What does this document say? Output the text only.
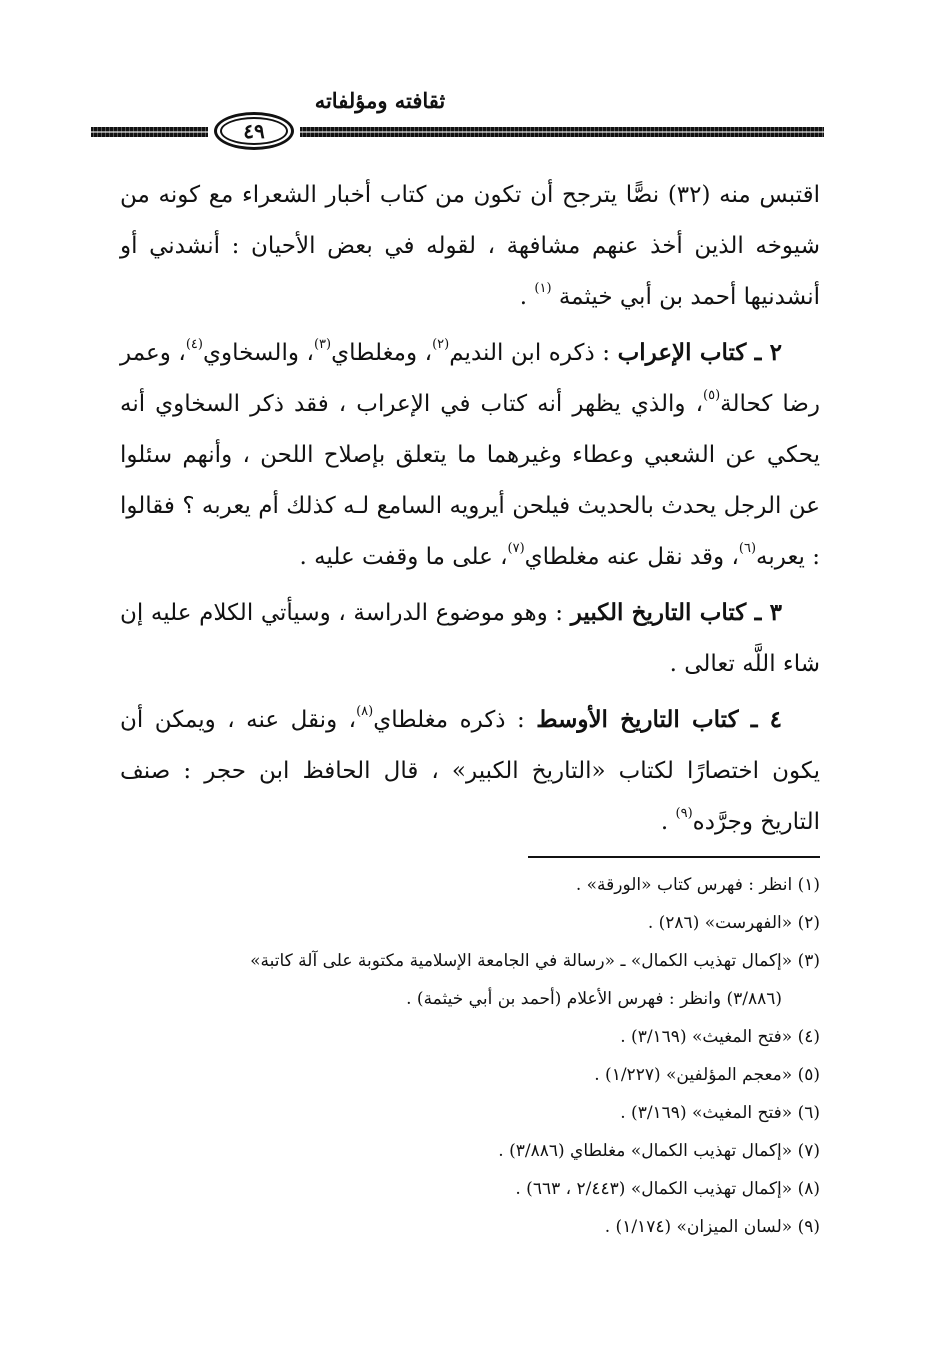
ثقافته ومؤلفاته
٤٩

اقتبس منه (٣٢) نصًّا يترجح أن تكون من كتاب أخبار الشعراء مع كونه من شيوخه الذين أخذ عنهم مشافهة ، لقوله في بعض الأحيان : أنشدني أو أنشدنيها أحمد بن أبي خيثمة $^{(١)}$ .

٢ ـ كتاب الإعراب : ذكره ابن النديم$^{(٢)}$، ومغلطاي$^{(٣)}$، والسخاوي$^{(٤)}$، وعمر رضا كحالة$^{(٥)}$، والذي يظهر أنه كتاب في الإعراب ، فقد ذكر السخاوي أنه يحكي عن الشعبي وعطاء وغيرهما ما يتعلق بإصلاح اللحن ، وأنهم سئلوا عن الرجل يحدث بالحديث فيلحن أيرويه السامع لـه كذلك أم يعربه ؟ فقالوا : يعربه$^{(٦)}$، وقد نقل عنه مغلطاي$^{(٧)}$، على ما وقفت عليه .

٣ ـ كتاب التاريخ الكبير : وهو موضوع الدراسة ، وسيأتي الكلام عليه إن شاء اللَّه تعالى .

٤ ـ كتاب التاريخ الأوسط : ذكره مغلطاي$^{(٨)}$، ونقل عنه ، ويمكن أن يكون اختصارًا لكتاب «التاريخ الكبير» ، قال الحافظ ابن حجر : صنف التاريخ وجرَّده$^{(٩)}$ .

(١) انظر : فهرس كتاب «الورقة» .
(٢) «الفهرست» (٢٨٦) .
(٣) «إكمال تهذيب الكمال» ـ «رسالة في الجامعة الإسلامية مكتوبة على آلة كاتبة»
(٣/٨٨٦) وانظر : فهرس الأعلام (أحمد بن أبي خيثمة) .
(٤) «فتح المغيث» (٣/١٦٩) .
(٥) «معجم المؤلفين» (١/٢٢٧) .
(٦) «فتح المغيث» (٣/١٦٩) .
(٧) «إكمال تهذيب الكمال» مغلطاي (٣/٨٨٦) .
(٨) «إكمال تهذيب الكمال» (٢/٤٤٣ ، ٦٦٣) .
(٩) «لسان الميزان» (١/١٧٤) .
